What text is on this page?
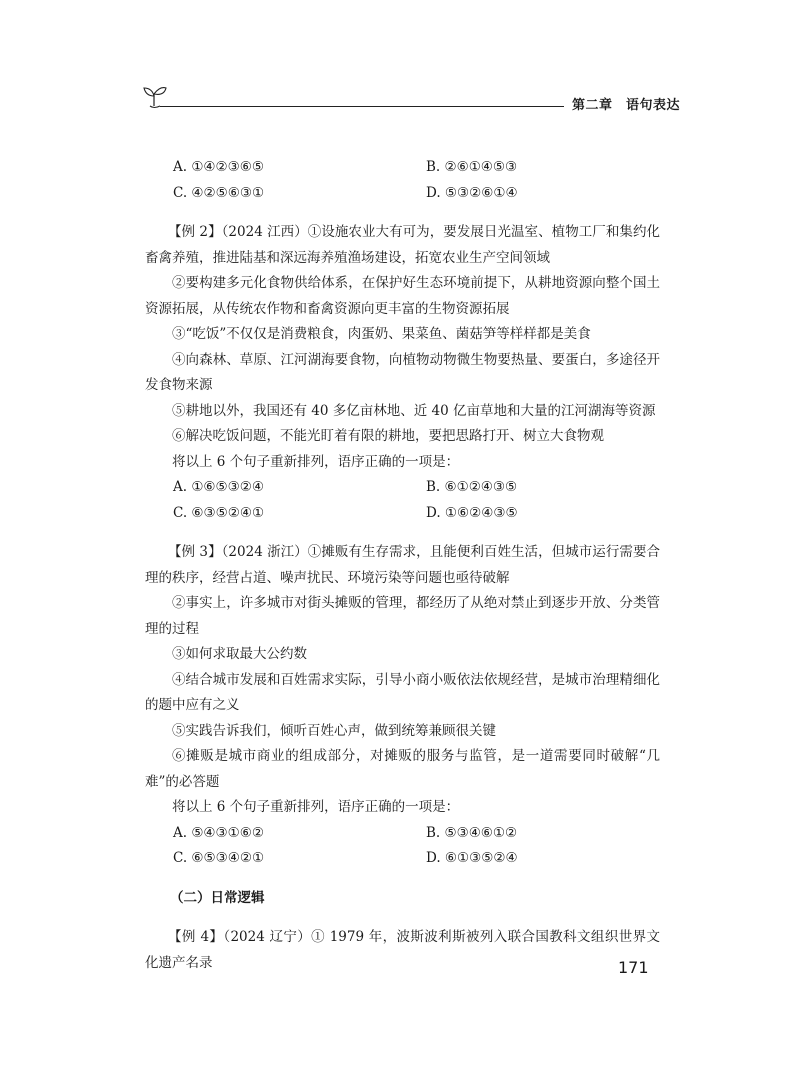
第二章　语句表达
A. ①④②③⑥⑤	B. ②⑥①④⑤③
C. ④②⑤⑥③①	D. ⑤③②⑥①④
【例 2】（2024 江西）①设施农业大有可为，要发展日光温室、植物工厂和集约化畜禽养殖，推进陆基和深远海养殖渔场建设，拓宽农业生产空间领域
②要构建多元化食物供给体系，在保护好生态环境前提下，从耕地资源向整个国土资源拓展，从传统农作物和畜禽资源向更丰富的生物资源拓展
③“吃饭”不仅仅是消费粮食，肉蛋奶、果菜鱼、菌菇笋等样样都是美食
④向森林、草原、江河湖海要食物，向植物动物微生物要热量、要蛋白，多途径开发食物来源
⑤耕地以外，我国还有 40 多亿亩林地、近 40 亿亩草地和大量的江河湖海等资源
⑥解决吃饭问题，不能光盯着有限的耕地，要把思路打开、树立大食物观
将以上 6 个句子重新排列，语序正确的一项是：
A. ①⑥⑤③②④	B. ⑥①②④③⑤
C. ⑥③⑤②④①	D. ①⑥②④③⑤
【例 3】（2024 浙江）①摊贩有生存需求，且能便利百姓生活，但城市运行需要合理的秩序，经营占道、噪声扰民、环境污染等问题也亟待破解
②事实上，许多城市对街头摊贩的管理，都经历了从绝对禁止到逐步开放、分类管理的过程
③如何求取最大公约数
④结合城市发展和百姓需求实际，引导小商小贩依法依规经营，是城市治理精细化的题中应有之义
⑤实践告诉我们，倾听百姓心声，做到统筹兼顾很关键
⑥摊贩是城市商业的组成部分，对摊贩的服务与监管，是一道需要同时破解“几难”的必答题
将以上 6 个句子重新排列，语序正确的一项是：
A. ⑤④③①⑥②	B. ⑤③④⑥①②
C. ⑥⑤③④②①	D. ⑥①③⑤②④
（二）日常逻辑
【例 4】（2024 辽宁）① 1979 年，波斯波利斯被列入联合国教科文组织世界文化遗产名录	171
